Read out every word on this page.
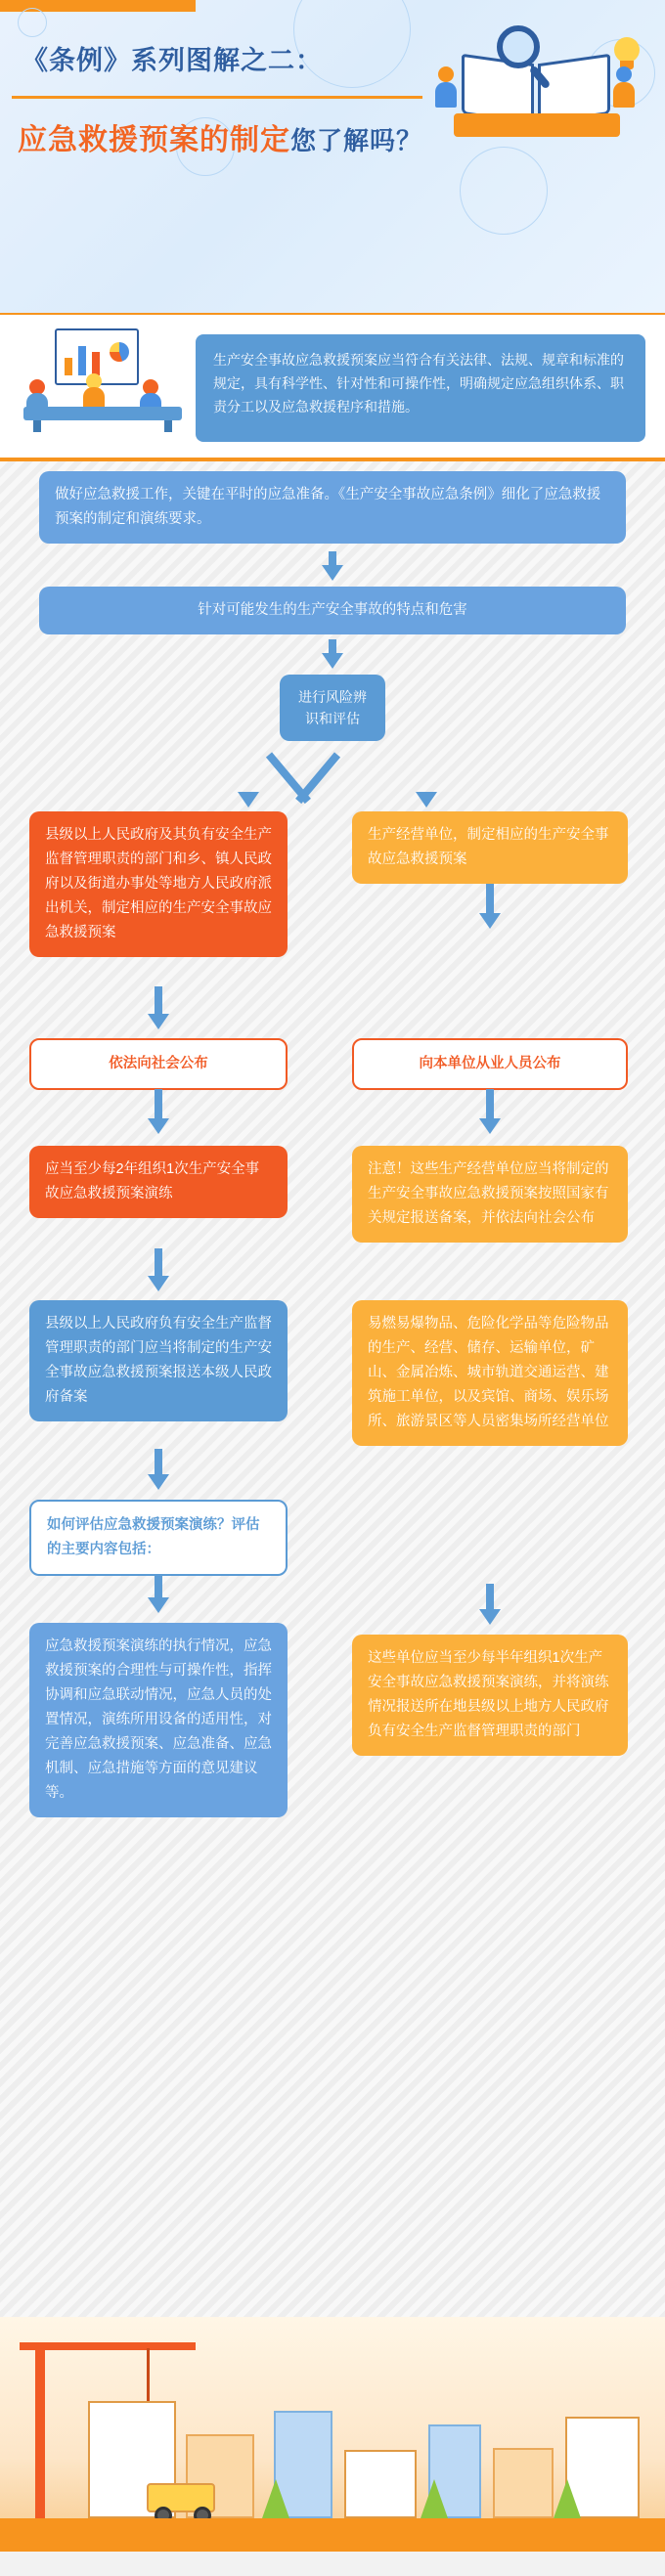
《条例》系列图解之二：
应急救援预案的制定您了解吗？
生产安全事故应急救援预案应当符合有关法律、法规、规章和标准的规定，具有科学性、针对性和可操作性，明确规定应急组织体系、职责分工以及应急救援程序和措施。
做好应急救援工作，关键在平时的应急准备。《生产安全事故应急条例》细化了应急救援预案的制定和演练要求。
针对可能发生的生产安全事故的特点和危害
进行风险辨识和评估
县级以上人民政府及其负有安全生产监督管理职责的部门和乡、镇人民政府以及街道办事处等地方人民政府派出机关，制定相应的生产安全事故应急救援预案
依法向社会公布
应当至少每2年组织1次生产安全事故应急救援预案演练
县级以上人民政府负有安全生产监督管理职责的部门应当将制定的生产安全事故应急救援预案报送本级人民政府备案
如何评估应急救援预案演练？评估的主要内容包括：
应急救援预案演练的执行情况，应急救援预案的合理性与可操作性，指挥协调和应急联动情况，应急人员的处置情况，演练所用设备的适用性，对完善应急救援预案、应急准备、应急机制、应急措施等方面的意见建议等。
生产经营单位，制定相应的生产安全事故应急救援预案
向本单位从业人员公布
注意！这些生产经营单位应当将制定的生产安全事故应急救援预案按照国家有关规定报送备案，并依法向社会公布
易燃易爆物品、危险化学品等危险物品的生产、经营、储存、运输单位，矿山、金属冶炼、城市轨道交通运营、建筑施工单位，以及宾馆、商场、娱乐场所、旅游景区等人员密集场所经营单位
这些单位应当至少每半年组织1次生产安全事故应急救援预案演练，并将演练情况报送所在地县级以上地方人民政府负有安全生产监督管理职责的部门
